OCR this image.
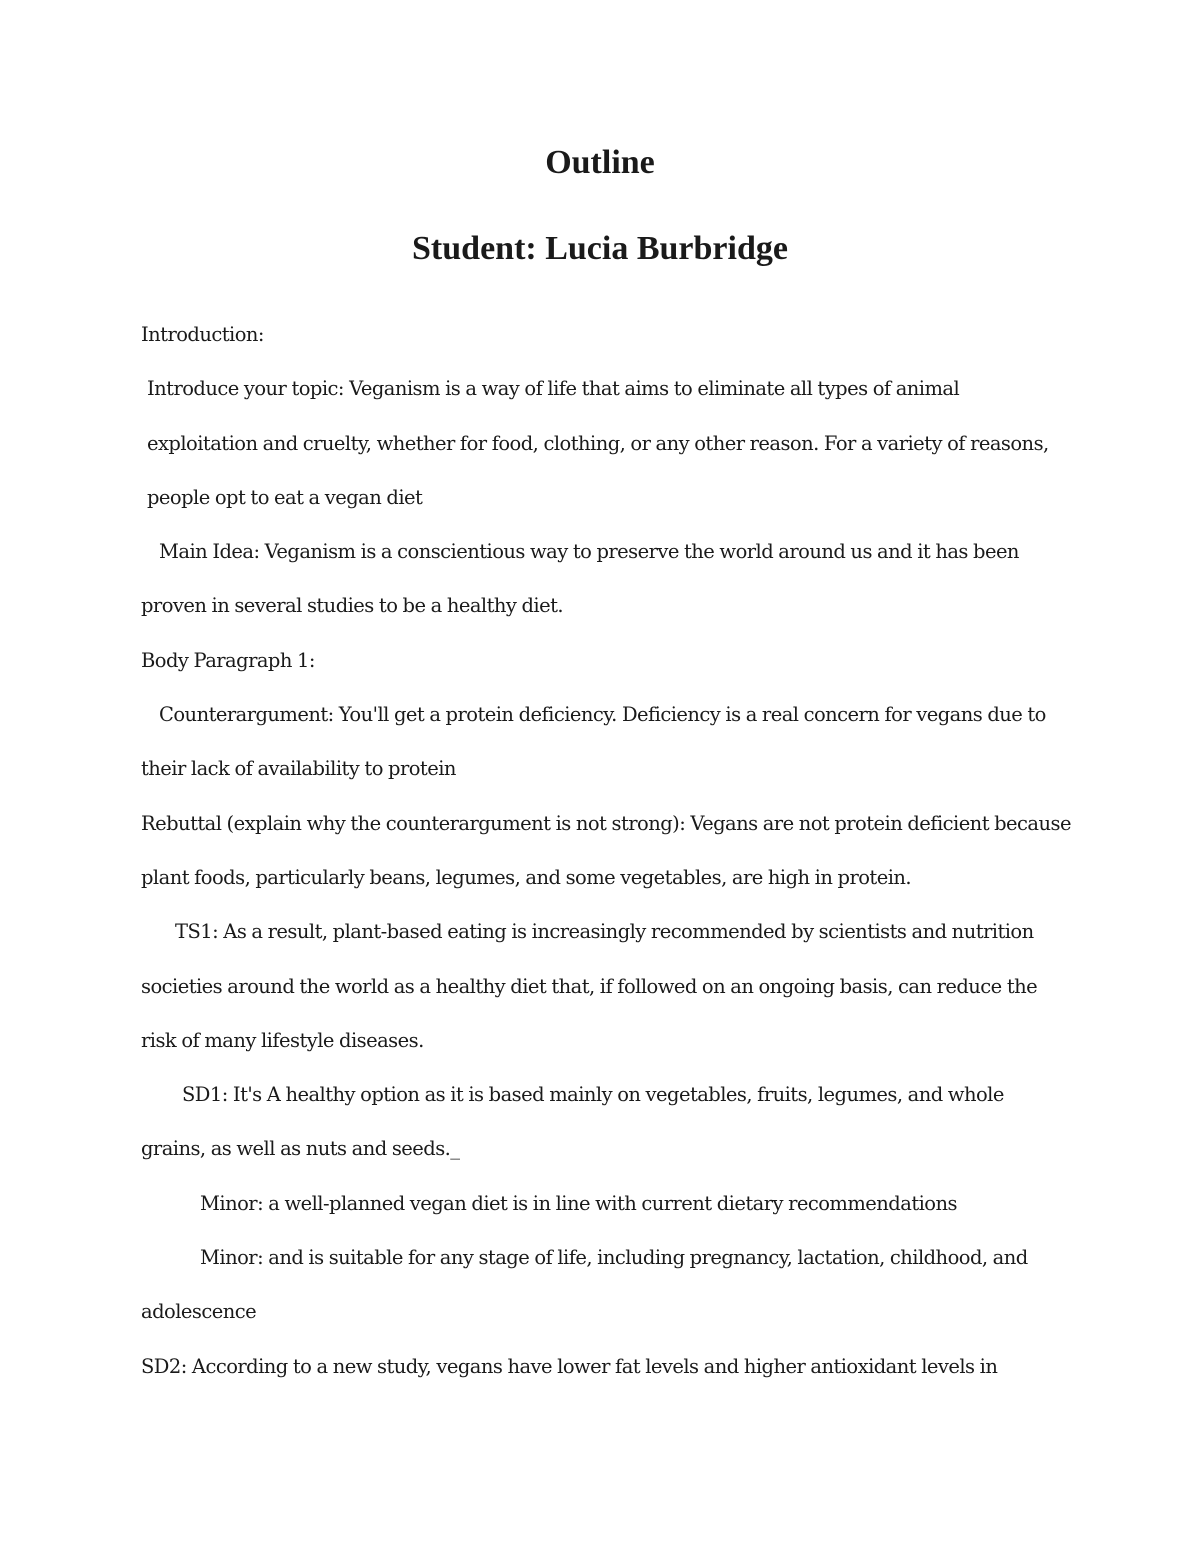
Outline
Student: Lucia Burbridge

Introduction:

Introduce your topic: Veganism is a way of life that aims to eliminate all types of animal exploitation and cruelty, whether for food, clothing, or any other reason. For a variety of reasons, people opt to eat a vegan diet

Main Idea: Veganism is a conscientious way to preserve the world around us and it has been proven in several studies to be a healthy diet.

Body Paragraph 1:

Counterargument: You'll get a protein deficiency. Deficiency is a real concern for vegans due to their lack of availability to protein

Rebuttal (explain why the counterargument is not strong): Vegans are not protein deficient because plant foods, particularly beans, legumes, and some vegetables, are high in protein.

TS1: As a result, plant-based eating is increasingly recommended by scientists and nutrition societies around the world as a healthy diet that, if followed on an ongoing basis, can reduce the risk of many lifestyle diseases.

SD1: It's A healthy option as it is based mainly on vegetables, fruits, legumes, and whole grains, as well as nuts and seeds._

Minor: a well-planned vegan diet is in line with current dietary recommendations

Minor: and is suitable for any stage of life, including pregnancy, lactation, childhood, and adolescence

SD2: According to a new study, vegans have lower fat levels and higher antioxidant levels in
